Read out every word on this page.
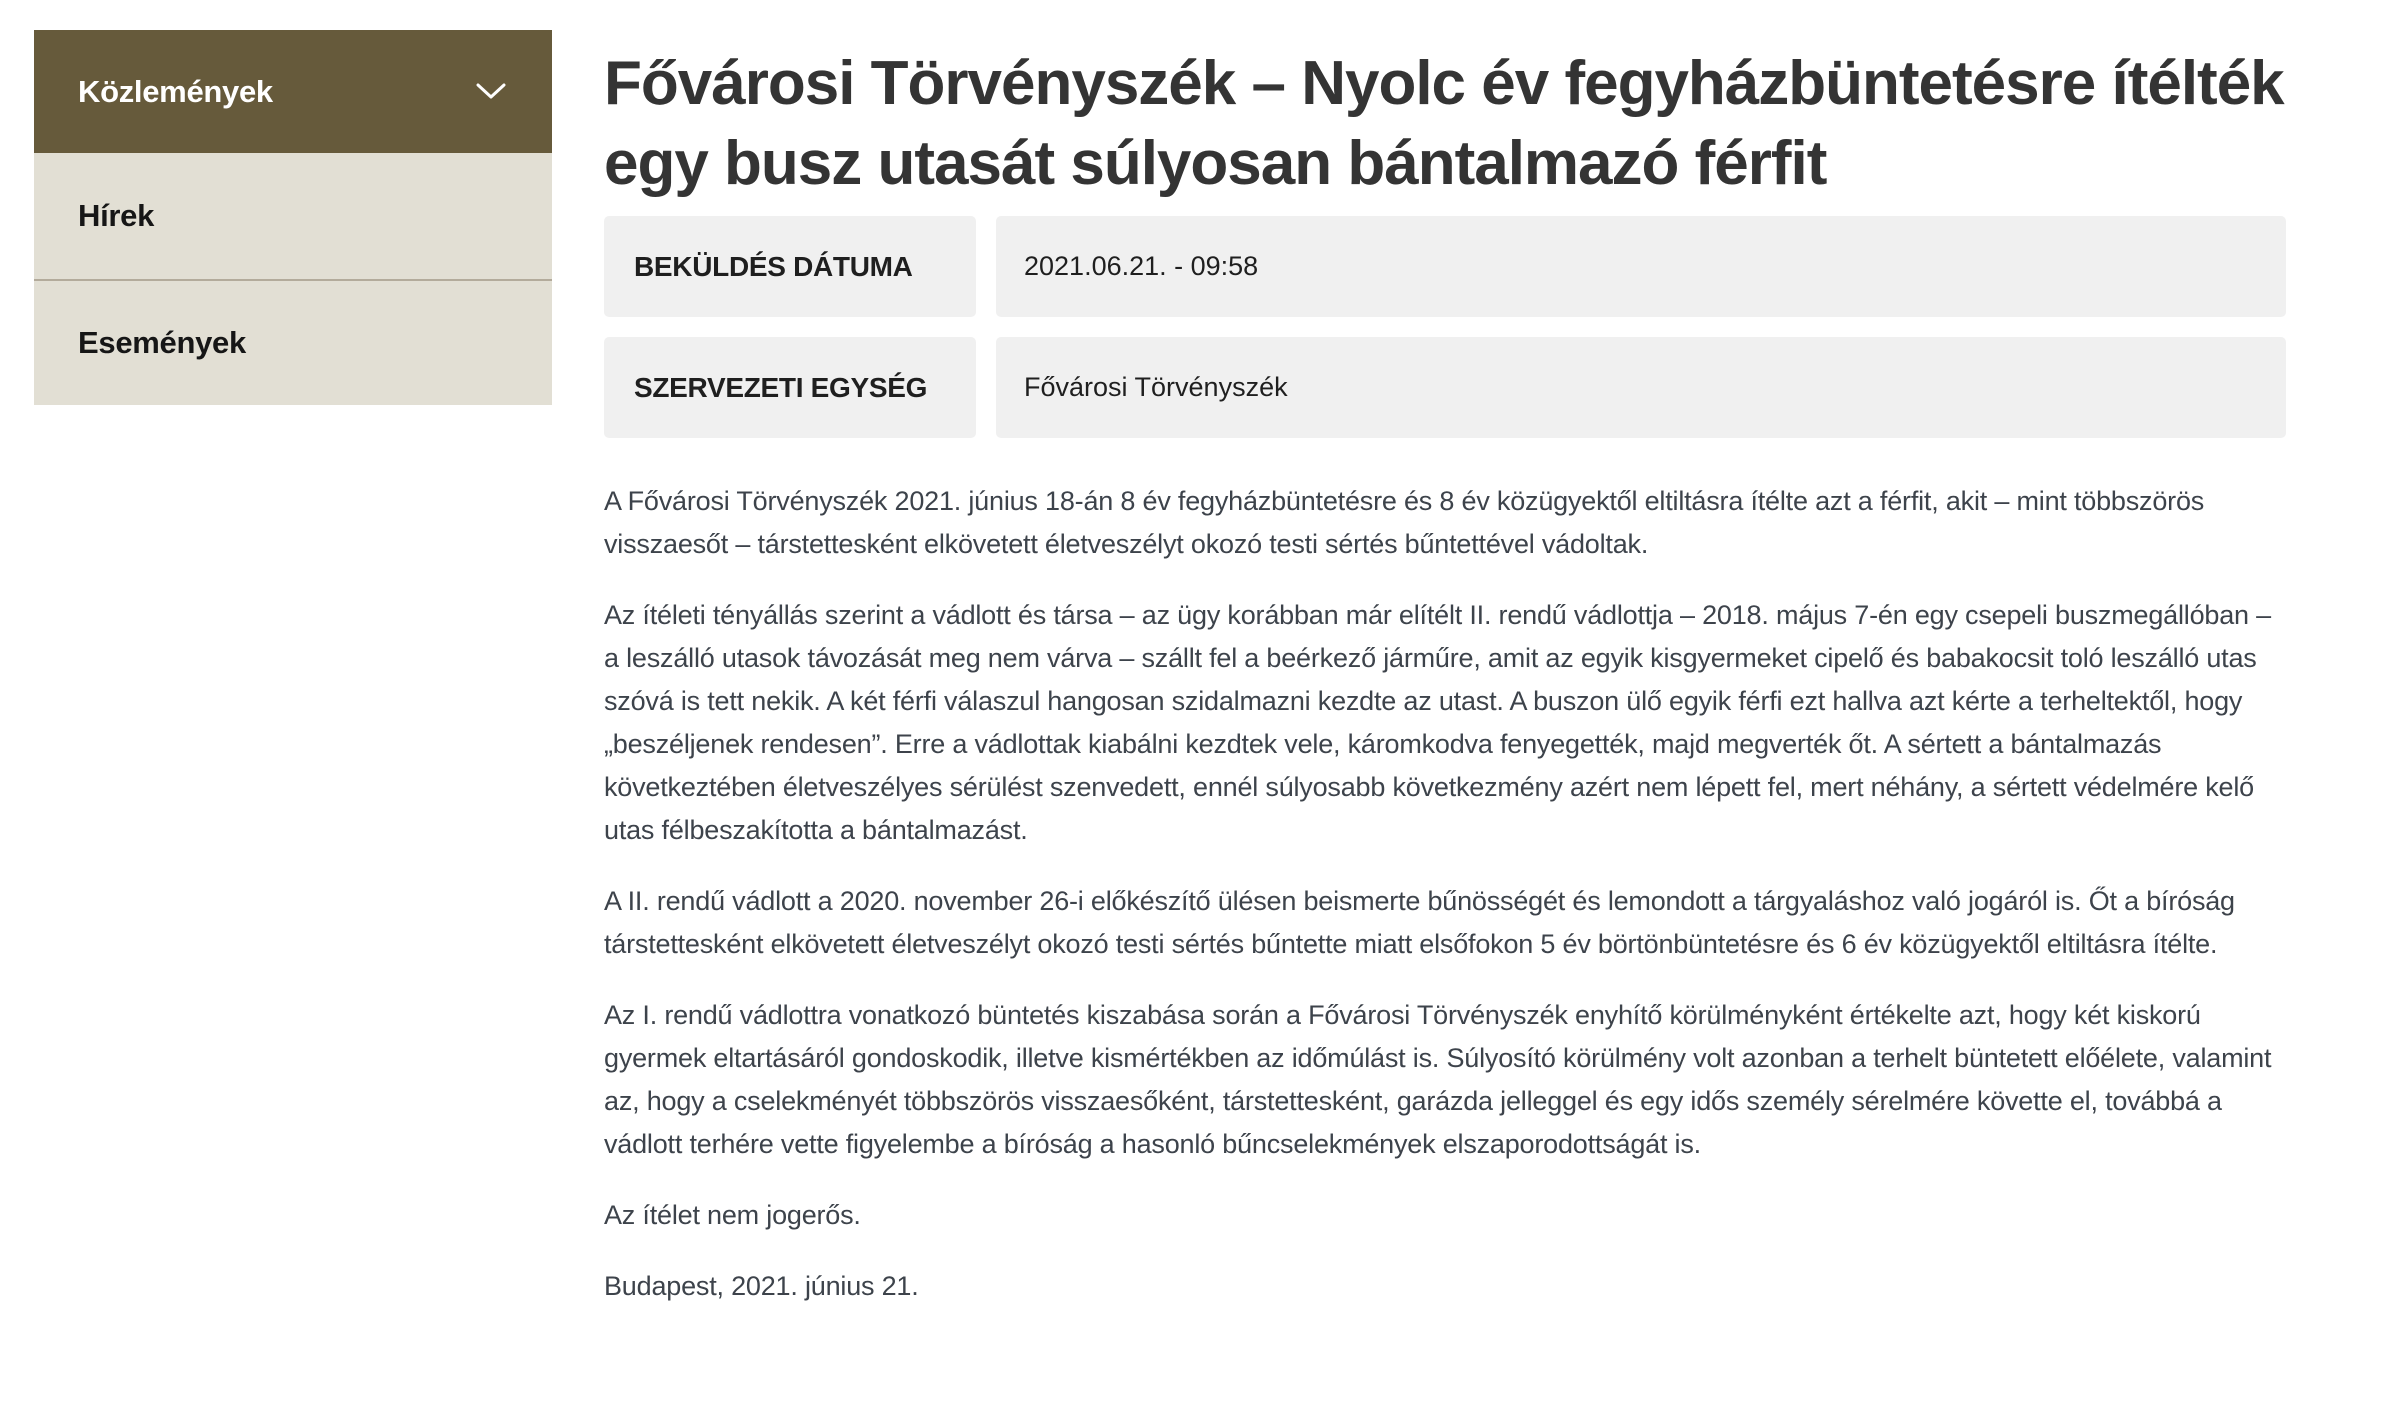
Közlemények
Hírek
Események
Fővárosi Törvényszék – Nyolc év fegyházbüntetésre ítélték egy busz utasát súlyosan bántalmazó férfit
BEKÜLDÉS DÁTUMA	2021.06.21. - 09:58
SZERVEZETI EGYSÉG	Fővárosi Törvényszék

A Fővárosi Törvényszék 2021. június 18-án 8 év fegyházbüntetésre és 8 év közügyektől eltiltásra ítélte azt a férfit, akit – mint többszörös visszaesőt – társtettesként elkövetett életveszélyt okozó testi sértés bűntettével vádoltak.

Az ítéleti tényállás szerint a vádlott és társa – az ügy korábban már elítélt II. rendű vádlottja – 2018. május 7-én egy csepeli buszmegállóban – a leszálló utasok távozását meg nem várva – szállt fel a beérkező járműre, amit az egyik kisgyermeket cipelő és babakocsit toló leszálló utas szóvá is tett nekik. A két férfi válaszul hangosan szidalmazni kezdte az utast. A buszon ülő egyik férfi ezt hallva azt kérte a terheltektől, hogy „beszéljenek rendesen”. Erre a vádlottak kiabálni kezdtek vele, káromkodva fenyegették, majd megverték őt. A sértett a bántalmazás következtében életveszélyes sérülést szenvedett, ennél súlyosabb következmény azért nem lépett fel, mert néhány, a sértett védelmére kelő utas félbeszakította a bántalmazást.

A II. rendű vádlott a 2020. november 26-i előkészítő ülésen beismerte bűnösségét és lemondott a tárgyaláshoz való jogáról is. Őt a bíróság társtettesként elkövetett életveszélyt okozó testi sértés bűntette miatt elsőfokon 5 év börtönbüntetésre és 6 év közügyektől eltiltásra ítélte.

Az I. rendű vádlottra vonatkozó büntetés kiszabása során a Fővárosi Törvényszék enyhítő körülményként értékelte azt, hogy két kiskorú gyermek eltartásáról gondoskodik, illetve kismértékben az időmúlást is. Súlyosító körülmény volt azonban a terhelt büntetett előélete, valamint az, hogy a cselekményét többszörös visszaesőként, társtettesként, garázda jelleggel és egy idős személy sérelmére követte el, továbbá a vádlott terhére vette figyelembe a bíróság a hasonló bűncselekmények elszaporodottságát is.

Az ítélet nem jogerős.

Budapest, 2021. június 21.
